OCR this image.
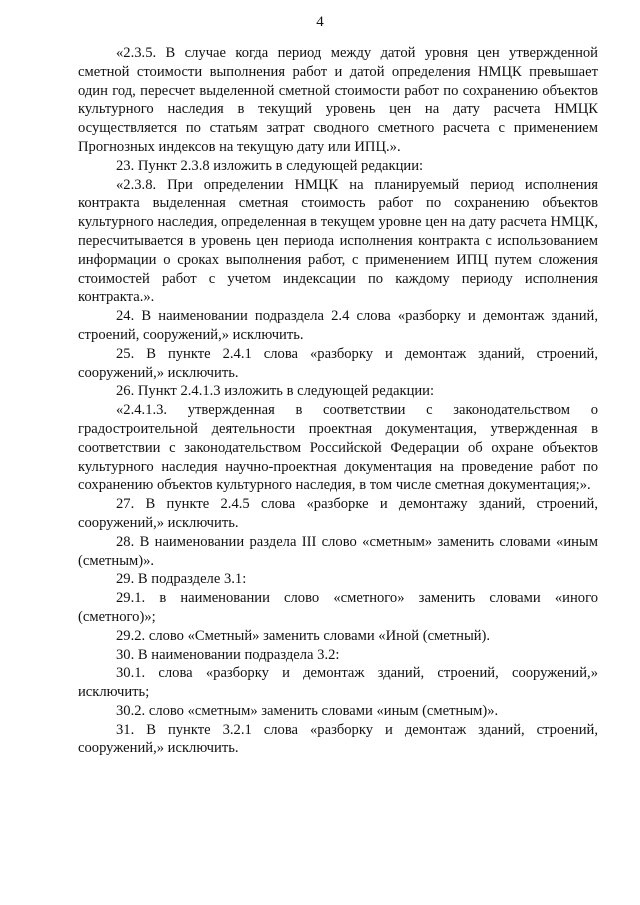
4

«2.3.5. В случае когда период между датой уровня цен утвержденной сметной стоимости выполнения работ и датой определения НМЦК превышает один год, пересчет выделенной сметной стоимости работ по сохранению объектов культурного наследия в текущий уровень цен на дату расчета НМЦК осуществляется по статьям затрат сводного сметного расчета с применением Прогнозных индексов на текущую дату или ИПЦ.».

23. Пункт 2.3.8 изложить в следующей редакции:

«2.3.8. При определении НМЦК на планируемый период исполнения контракта выделенная сметная стоимость работ по сохранению объектов культурного наследия, определенная в текущем уровне цен на дату расчета НМЦК, пересчитывается в уровень цен периода исполнения контракта с использованием информации о сроках выполнения работ, с применением ИПЦ путем сложения стоимостей работ с учетом индексации по каждому периоду исполнения контракта.».

24. В наименовании подраздела 2.4 слова «разборку и демонтаж зданий, строений, сооружений,» исключить.

25. В пункте 2.4.1 слова «разборку и демонтаж зданий, строений, сооружений,» исключить.

26. Пункт 2.4.1.3 изложить в следующей редакции:

«2.4.1.3. утвержденная в соответствии с законодательством о градостроительной деятельности проектная документация, утвержденная в соответствии с законодательством Российской Федерации об охране объектов культурного наследия научно-проектная документация на проведение работ по сохранению объектов культурного наследия, в том числе сметная документация;».

27. В пункте 2.4.5 слова «разборке и демонтажу зданий, строений, сооружений,» исключить.

28. В наименовании раздела III слово «сметным» заменить словами «иным (сметным)».

29. В подразделе 3.1:

29.1. в наименовании слово «сметного» заменить словами «иного (сметного)»;

29.2. слово «Сметный» заменить словами «Иной (сметный).

30. В наименовании подраздела 3.2:

30.1. слова «разборку и демонтаж зданий, строений, сооружений,» исключить;

30.2. слово «сметным» заменить словами «иным (сметным)».

31. В пункте 3.2.1 слова «разборку и демонтаж зданий, строений, сооружений,» исключить.
